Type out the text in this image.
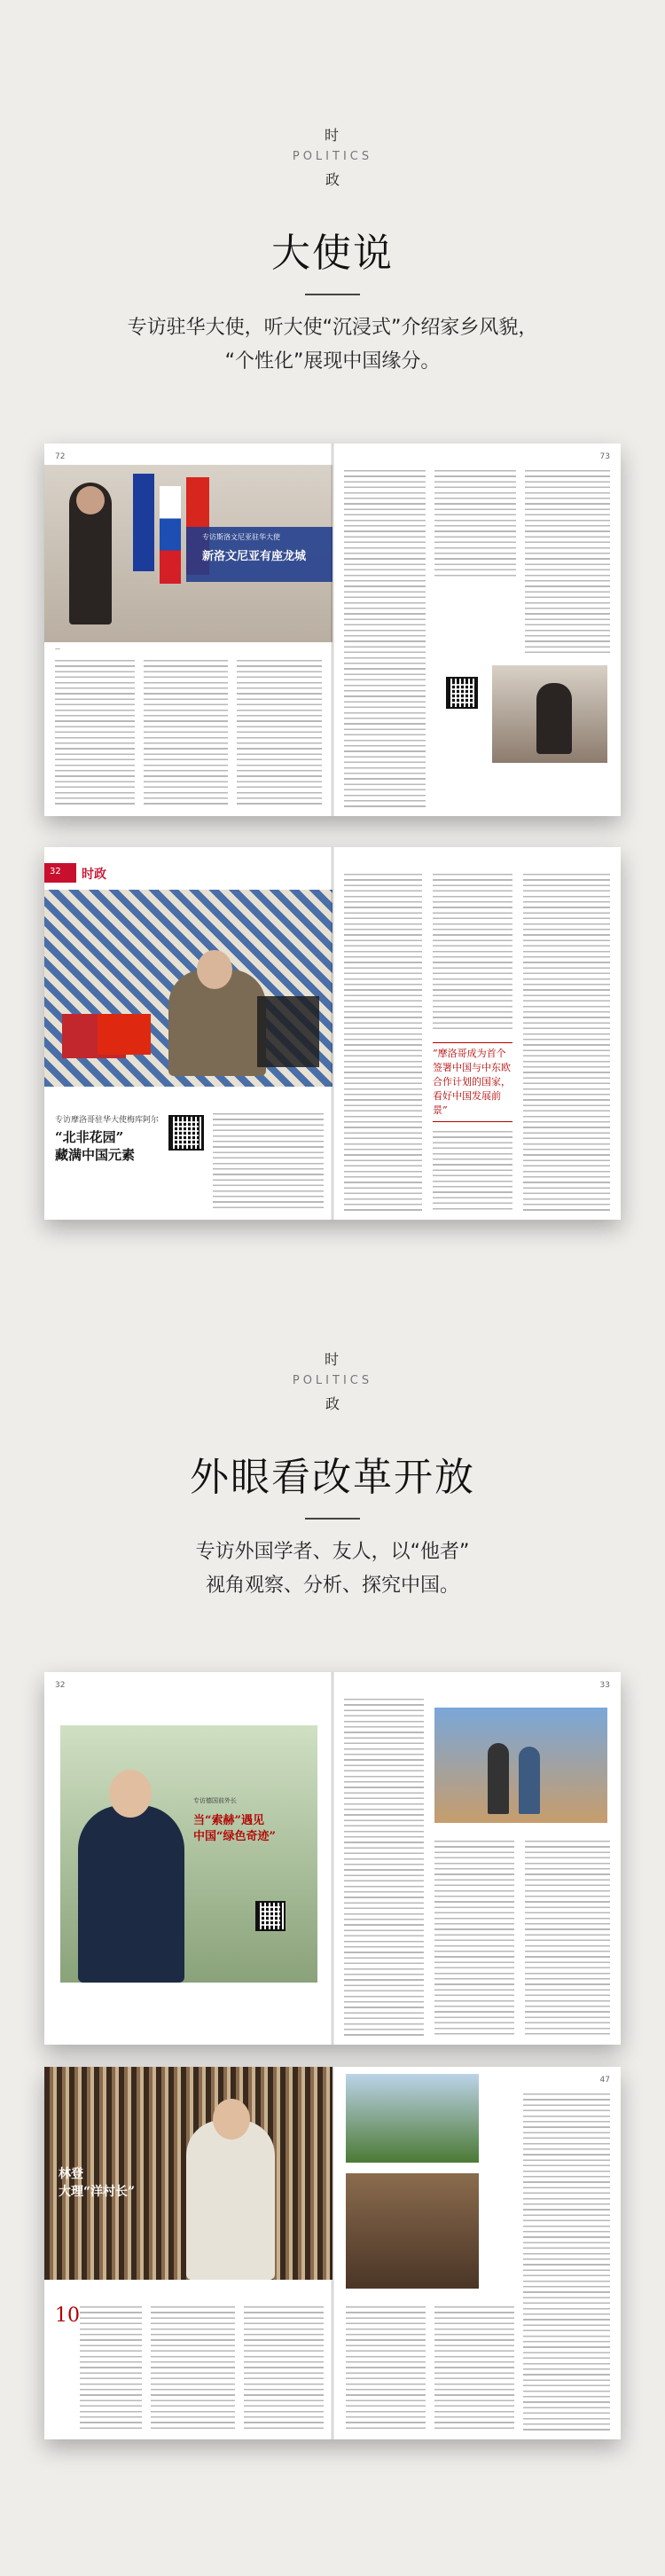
时
POLITICS
政
大使说
专访驻华大使，听大使“沉浸式”介绍家乡风貌，
“个性化”展现中国缘分。
72	73
专访斯洛文尼亚驻华大使
新洛文尼亚有座龙城
—
32 时政
专访摩洛哥驻华大使梅库阿尔
“北非花园”
藏满中国元素
“摩洛哥成为首个签署中国与中东欧合作计划的国家，看好中国发展前景”
时
POLITICS
政
外眼看改革开放
专访外国学者、友人，以“他者”
视角观察、分析、探究中国。
32	33
专访德国前外长
当“索赫”遇见
中国“绿色奇迹”
47
林登
大理“洋村长”
10
